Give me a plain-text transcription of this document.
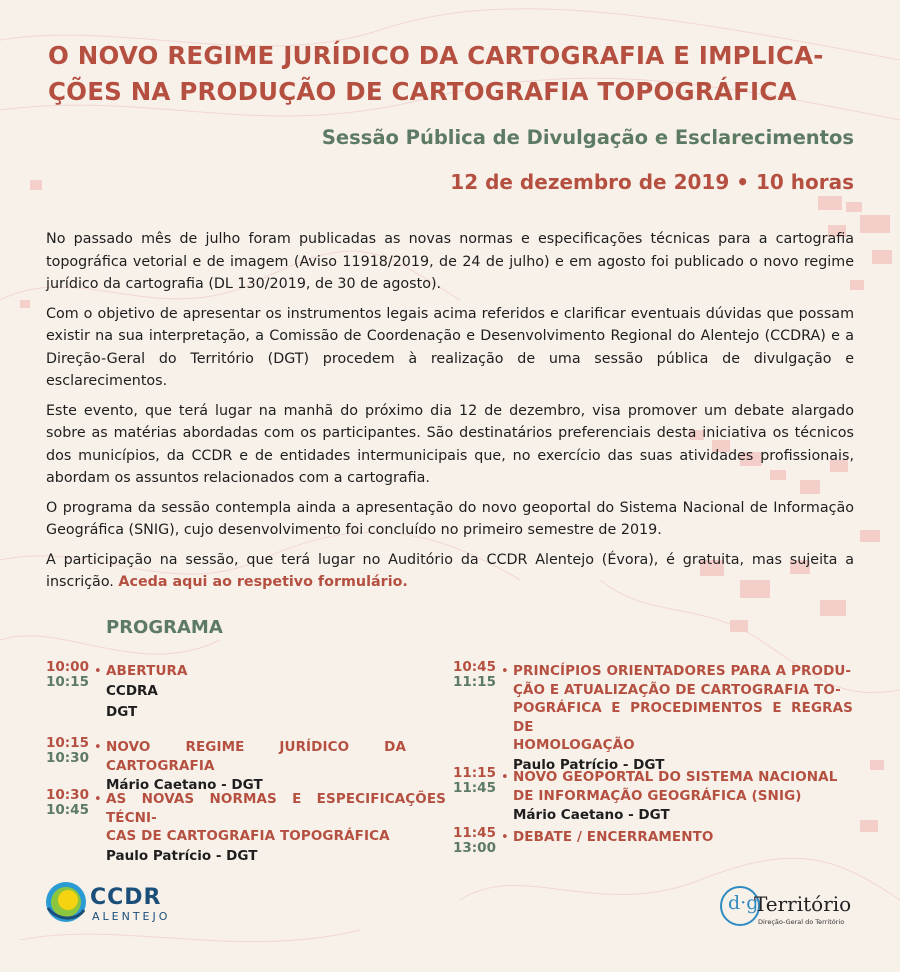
O NOVO REGIME JURÍDICO DA CARTOGRAFIA E IMPLICA-
ÇÕES NA PRODUÇÃO DE CARTOGRAFIA TOPOGRÁFICA
Sessão Pública de Divulgação e Esclarecimentos
12 de dezembro de 2019 • 10 horas

No passado mês de julho foram publicadas as novas normas e especificações técnicas para a cartografia topográfica vetorial e de imagem (Aviso 11918/2019, de 24 de julho) e em agosto foi publicado o novo regime jurídico da cartografia (DL 130/2019, de 30 de agosto).

Com o objetivo de apresentar os instrumentos legais acima referidos e clarificar eventuais dúvidas que possam existir na sua interpretação, a Comissão de Coordenação e Desenvolvimento Regional do Alentejo (CCDRA) e a Direção-Geral do Território (DGT) procedem à realização de uma sessão pública de divulgação e esclarecimentos.

Este evento, que terá lugar na manhã do próximo dia 12 de dezembro, visa promover um debate alargado sobre as matérias abordadas com os participantes. São destinatários preferenciais desta iniciativa os técnicos dos municípios, da CCDR e de entidades intermunicipais que, no exercício das suas atividades profissionais, abordam os assuntos relacionados com a cartografia.

O programa da sessão contempla ainda a apresentação do novo geoportal do Sistema Nacional de Informação Geográfica (SNIG), cujo desenvolvimento foi concluído no primeiro semestre de 2019.

A participação na sessão, que terá lugar no Auditório da CCDR Alentejo (Évora), é gratuita, mas sujeita a inscrição. Aceda aqui ao respetivo formulário.

PROGRAMA
10:00
10:15
• ABERTURA
CCDRA
DGT
10:15
10:30
• NOVO REGIME JURÍDICO DA CARTOGRAFIA
Mário Caetano - DGT
10:30
10:45
• AS NOVAS NORMAS E ESPECIFICAÇÕES TÉCNI-
CAS DE CARTOGRAFIA TOPOGRÁFICA
Paulo Patrício - DGT
10:45
11:15
• PRINCÍPIOS ORIENTADORES PARA A PRODU-
ÇÃO E ATUALIZAÇÃO DE CARTOGRAFIA TO-
POGRÁFICA E PROCEDIMENTOS E REGRAS DE
HOMOLOGAÇÃO
Paulo Patrício - DGT
11:15
11:45
• NOVO GEOPORTAL DO SISTEMA NACIONAL
DE INFORMAÇÃO GEOGRÁFICA (SNIG)
Mário Caetano - DGT
11:45
13:00
• DEBATE / ENCERRAMENTO
CCDR
ALENTEJO
d·g
Território
Direção-Geral do Território
